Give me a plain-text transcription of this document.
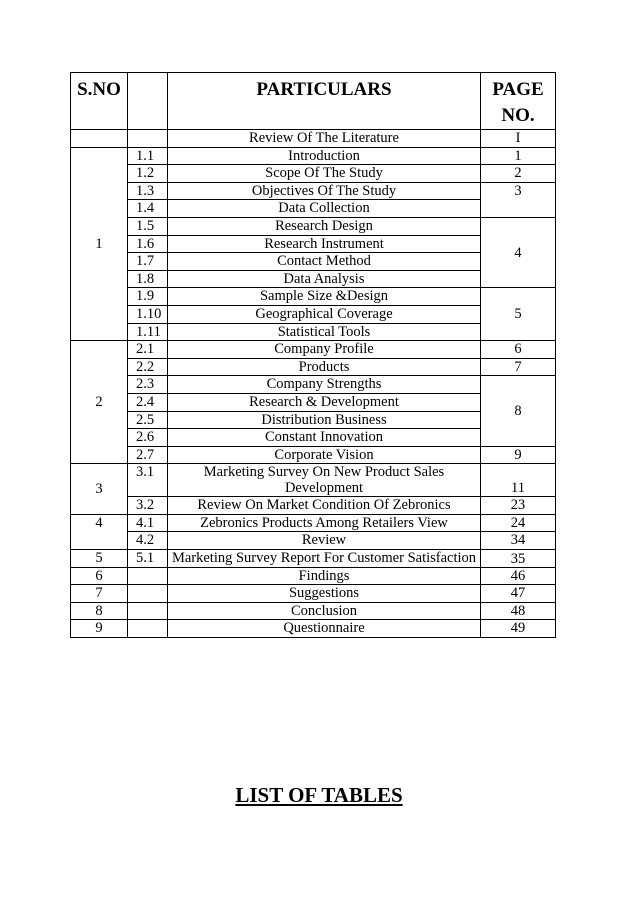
S.NO		PARTICULARS	PAGE NO.
		Review Of The Literature	I
1	1.1	Introduction	1
	1.2	Scope Of The Study	2
	1.3	Objectives Of The Study	3
	1.4	Data Collection	
	1.5	Research Design	4
	1.6	Research Instrument	
	1.7	Contact Method	
	1.8	Data Analysis	
	1.9	Sample Size &Design	5
	1.10	Geographical Coverage	
	1.11	Statistical Tools	
2	2.1	Company Profile	6
	2.2	Products	7
	2.3	Company Strengths	8
	2.4	Research & Development	
	2.5	Distribution Business	
	2.6	Constant Innovation	
	2.7	Corporate Vision	9
3	3.1	Marketing Survey On New Product Sales Development	11
	3.2	Review On Market Condition Of Zebronics	23
4	4.1	Zebronics Products Among Retailers View	24
	4.2	Review	34
5	5.1	Marketing Survey Report For Customer Satisfaction	35
6		Findings	46
7		Suggestions	47
8		Conclusion	48
9		Questionnaire	49
LIST OF TABLES
